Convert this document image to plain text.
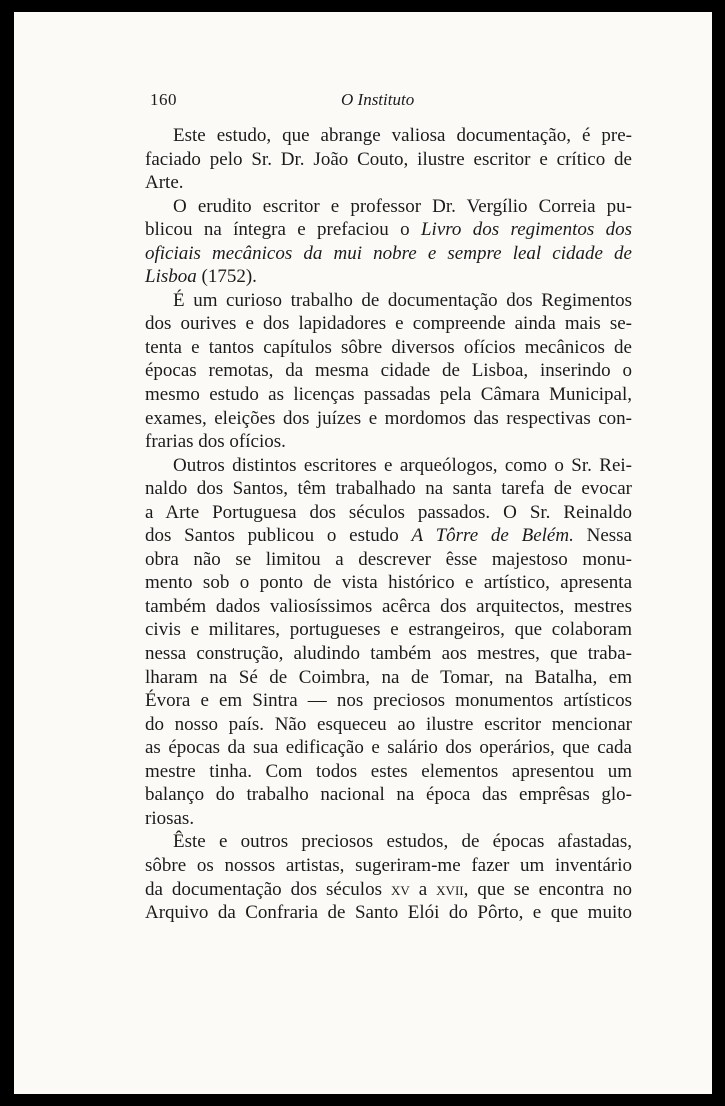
160	O Instituto
Este estudo, que abrange valiosa documentação, é pre-
faciado pelo Sr. Dr. João Couto, ilustre escritor e crítico de
Arte.
O erudito escritor e professor Dr. Vergílio Correia pu-
blicou na íntegra e prefaciou o Livro dos regimentos dos
oficiais mecânicos da mui nobre e sempre leal cidade de
Lisboa (1752).
É um curioso trabalho de documentação dos Regimentos
dos ourives e dos lapidadores e compreende ainda mais se-
tenta e tantos capítulos sôbre diversos ofícios mecânicos de
épocas remotas, da mesma cidade de Lisboa, inserindo o
mesmo estudo as licenças passadas pela Câmara Municipal,
exames, eleições dos juízes e mordomos das respectivas con-
frarias dos ofícios.
Outros distintos escritores e arqueólogos, como o Sr. Rei-
naldo dos Santos, têm trabalhado na santa tarefa de evocar
a Arte Portuguesa dos séculos passados. O Sr. Reinaldo
dos Santos publicou o estudo A Tôrre de Belém. Nessa
obra não se limitou a descrever êsse majestoso monu-
mento sob o ponto de vista histórico e artístico, apresenta
também dados valiosíssimos acêrca dos arquitectos, mestres
civis e militares, portugueses e estrangeiros, que colaboram
nessa construção, aludindo também aos mestres, que traba-
lharam na Sé de Coimbra, na de Tomar, na Batalha, em
Évora e em Sintra — nos preciosos monumentos artísticos
do nosso país. Não esqueceu ao ilustre escritor mencionar
as épocas da sua edificação e salário dos operários, que cada
mestre tinha. Com todos estes elementos apresentou um
balanço do trabalho nacional na época das emprêsas glo-
riosas.
Êste e outros preciosos estudos, de épocas afastadas,
sôbre os nossos artistas, sugeriram-me fazer um inventário
da documentação dos séculos xv a xvii, que se encontra no
Arquivo da Confraria de Santo Elói do Pôrto, e que muito
